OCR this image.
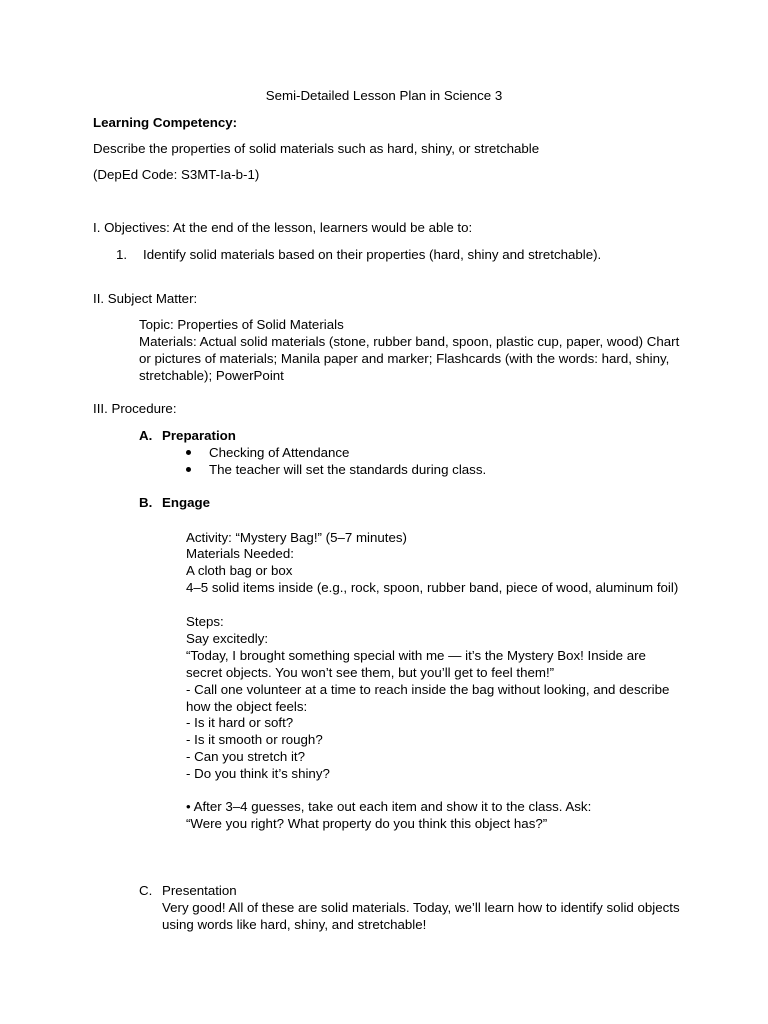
Semi-Detailed Lesson Plan in Science 3
Learning Competency:
Describe the properties of solid materials such as hard, shiny, or stretchable
(DepEd Code: S3MT-Ia-b-1)
I. Objectives: At the end of the lesson, learners would be able to:
1. Identify solid materials based on their properties (hard, shiny and stretchable).
II. Subject Matter:
Topic: Properties of Solid Materials
Materials: Actual solid materials (stone, rubber band, spoon, plastic cup, paper, wood) Chart or pictures of materials; Manila paper and marker; Flashcards (with the words: hard, shiny, stretchable); PowerPoint
III. Procedure:
A. Preparation
Checking of Attendance
The teacher will set the standards during class.
B. Engage
Activity: “Mystery Bag!” (5–7 minutes)
Materials Needed:
A cloth bag or box
4–5 solid items inside (e.g., rock, spoon, rubber band, piece of wood, aluminum foil)
Steps:
Say excitedly:
“Today, I brought something special with me — it’s the Mystery Box! Inside are secret objects. You won’t see them, but you’ll get to feel them!”
- Call one volunteer at a time to reach inside the bag without looking, and describe how the object feels:
- Is it hard or soft?
- Is it smooth or rough?
- Can you stretch it?
- Do you think it’s shiny?
• After 3–4 guesses, take out each item and show it to the class. Ask:
“Were you right? What property do you think this object has?”
C. Presentation
Very good! All of these are solid materials. Today, we’ll learn how to identify solid objects using words like hard, shiny, and stretchable!
